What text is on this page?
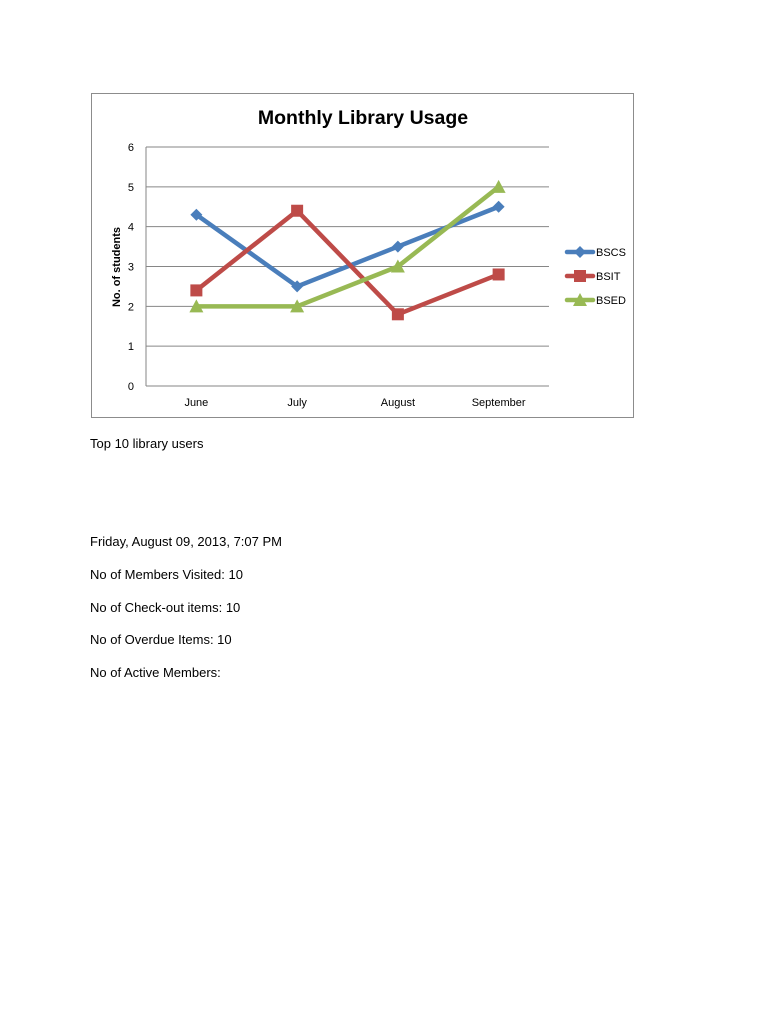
Monthly Library Usage
0
1
2
3
4
5
6
June	July	August	September
No. of students	BSCS
BSIT
BSED
Top 10 library users
Friday, August 09, 2013, 7:07 PM
No of Members Visited: 10
No of Check-out items: 10
No of Overdue Items: 10
No of Active Members:
